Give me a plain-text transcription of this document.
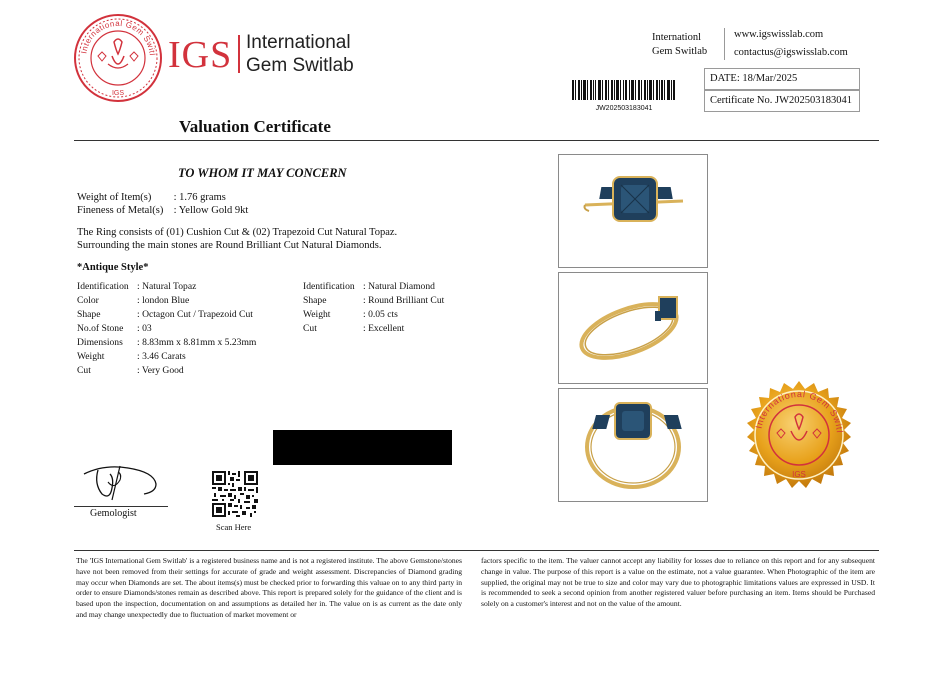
International Gem Switl
IGS
IGS International
Gem Switlab
Internationl
Gem Switlab
www.igswisslab.com
contactus@igswisslab.com
JW202503183041
DATE: 18/Mar/2025
Certificate No. JW202503183041
Valuation Certificate
TO WHOM IT MAY CONCERN
Weight of Item(s) : 1.76 grams
Fineness of Metal(s) : Yellow Gold 9kt
The Ring consists of (01) Cushion Cut & (02) Trapezoid Cut Natural Topaz.
Surrounding the main stones are Round Brilliant Cut Natural Diamonds.
*Antique Style*
Identification : Natural Topaz
Color	: london Blue
Shape	: Octagon Cut / Trapezoid Cut
No.of Stone : 03
Dimensions : 8.83mm x 8.81mm x 5.23mm
Weight	: 3.46 Carats
Cut	: Very Good
Identification : Natural Diamond
Shape	: Round Brilliant Cut
Weight	: 0.05 cts
Cut	: Excellent
Gemologist
Scan Here
International Gem Switl
IGS
The 'IGS International Gem Switlab' is a registered business name and is not a registered institute. The above Gemstone/stones have not been removed from their settings for accurate of grade and weight assessment. Discrepancies of Diamond grading may occur when Diamonds are set. The about items(s) must be checked prior to forwarding this valuae on to any third party in order to ensure Diamonds/stones remain as described above. This report is prepared solely for the guidance of the client and is based upon the inspection, documentation on and assumptions as detailed her in. The value on is as current as the date only and may change unexpectedly due to fluctuation of market movement or
factors specific to the item. The valuer cannot accept any liability for losses due to reliance on this report and for any subsequent change in value. The purpose of this report is a value on the estimate, not a value guarantee. When Photographic of the item are supplied, the original may not be true to size and color may vary due to photographic limitations values are expressed in USD. It is recommended to seek a second opinion from another registered valuer before purchasing an item. Items should be Purchased solely on a customer's interest and not on the value of the amount.
